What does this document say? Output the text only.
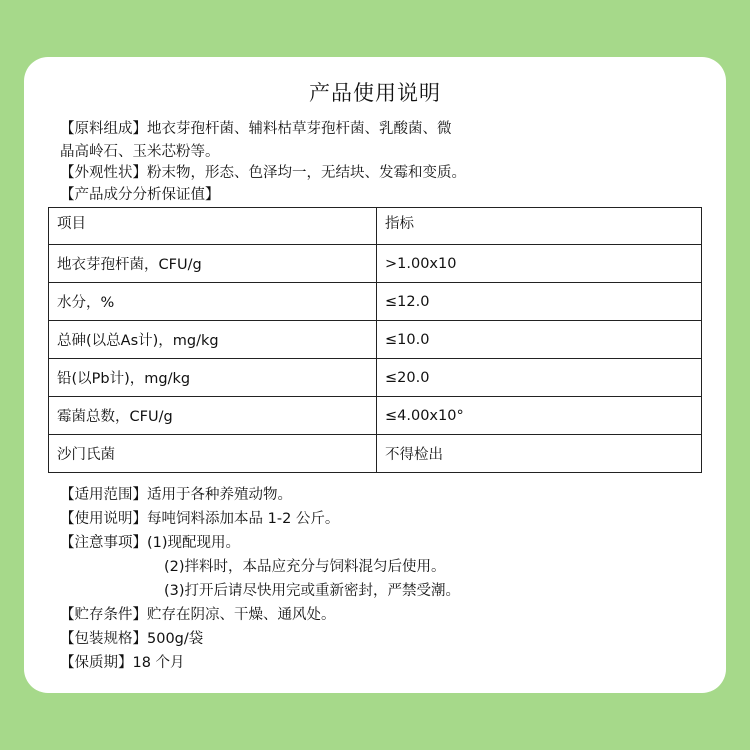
产品使用说明
【原料组成】地衣芽孢杆菌、辅料枯草芽孢杆菌、乳酸菌、微
晶高岭石、玉米芯粉等。
【外观性状】粉末物，形态、色泽均一，无结块、发霉和变质。
【产品成分分析保证值】
项目	指标
地衣芽孢杆菌，CFU/g	>1.00x10
水分，%	≤12.0
总砷(以总As计)，mg/kg	≤10.0
铅(以Pb计)，mg/kg	≤20.0
霉菌总数，CFU/g	≤4.00x10°
沙门氏菌	不得检出
【适用范围】适用于各种养殖动物。
【使用说明】每吨饲料添加本品 1-2 公斤。
【注意事项】(1)现配现用。
(2)拌料时，本品应充分与饲料混匀后使用。
(3)打开后请尽快用完或重新密封，严禁受潮。
【贮存条件】贮存在阴凉、干燥、通风处。
【包装规格】500g/袋
【保质期】18 个月
